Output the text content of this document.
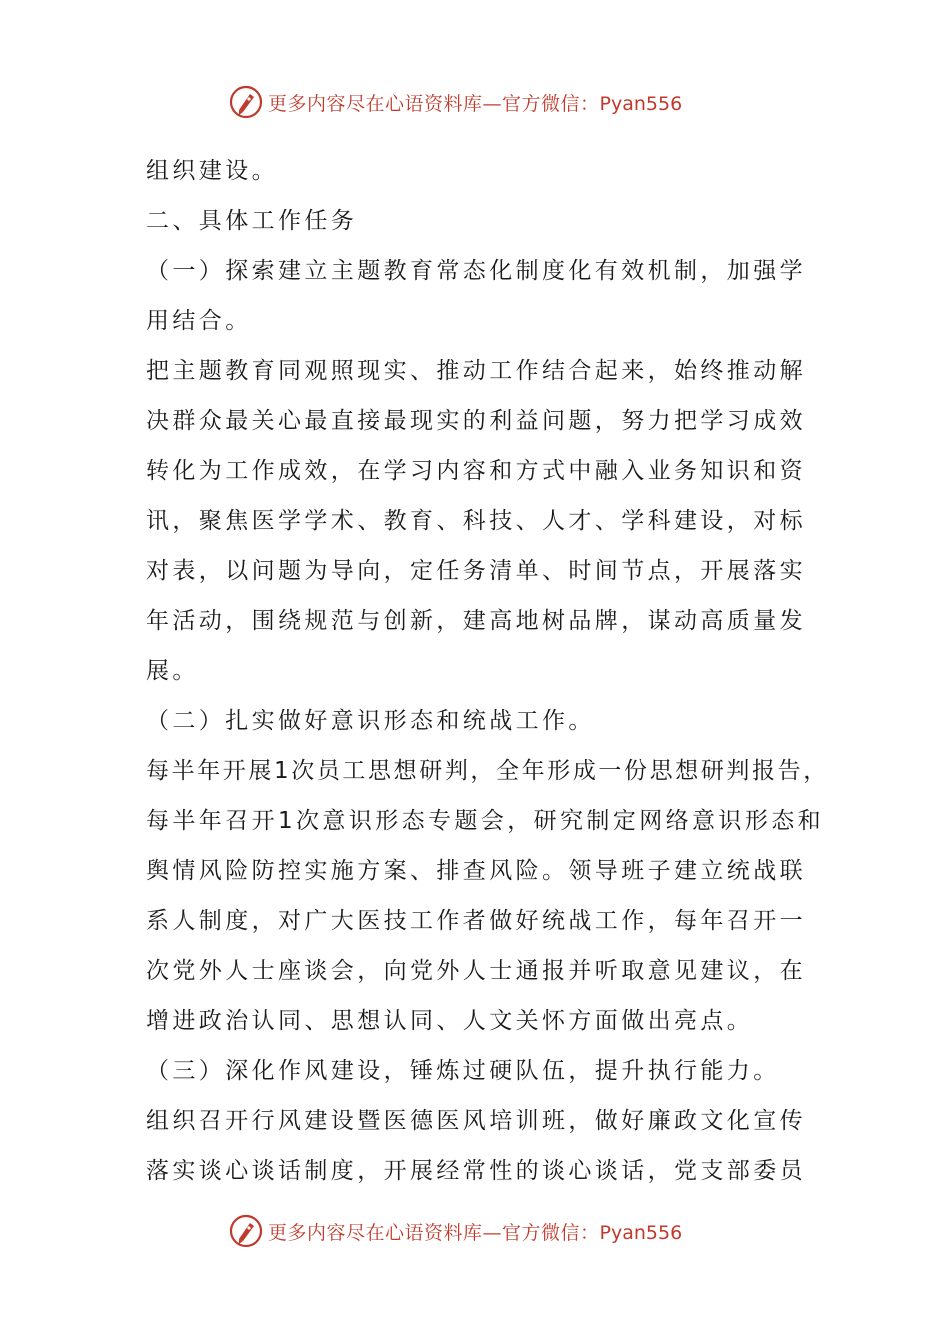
更多内容尽在心语资料库—官方微信：Pyan556
组织建设。
二、具体工作任务
（一）探索建立主题教育常态化制度化有效机制，加强学
用结合。
把主题教育同观照现实、推动工作结合起来，始终推动解
决群众最关心最直接最现实的利益问题，努力把学习成效
转化为工作成效，在学习内容和方式中融入业务知识和资
讯，聚焦医学学术、教育、科技、人才、学科建设，对标
对表，以问题为导向，定任务清单、时间节点，开展落实
年活动，围绕规范与创新，建高地树品牌，谋动高质量发
展。
（二）扎实做好意识形态和统战工作。
每半年开展1次员工思想研判，全年形成一份思想研判报告，
每半年召开1次意识形态专题会，研究制定网络意识形态和
舆情风险防控实施方案、排查风险。领导班子建立统战联
系人制度，对广大医技工作者做好统战工作，每年召开一
次党外人士座谈会，向党外人士通报并听取意见建议，在
增进政治认同、思想认同、人文关怀方面做出亮点。
（三）深化作风建设，锤炼过硬队伍，提升执行能力。
组织召开行风建设暨医德医风培训班，做好廉政文化宣传
落实谈心谈话制度，开展经常性的谈心谈话，党支部委员
更多内容尽在心语资料库—官方微信：Pyan556
